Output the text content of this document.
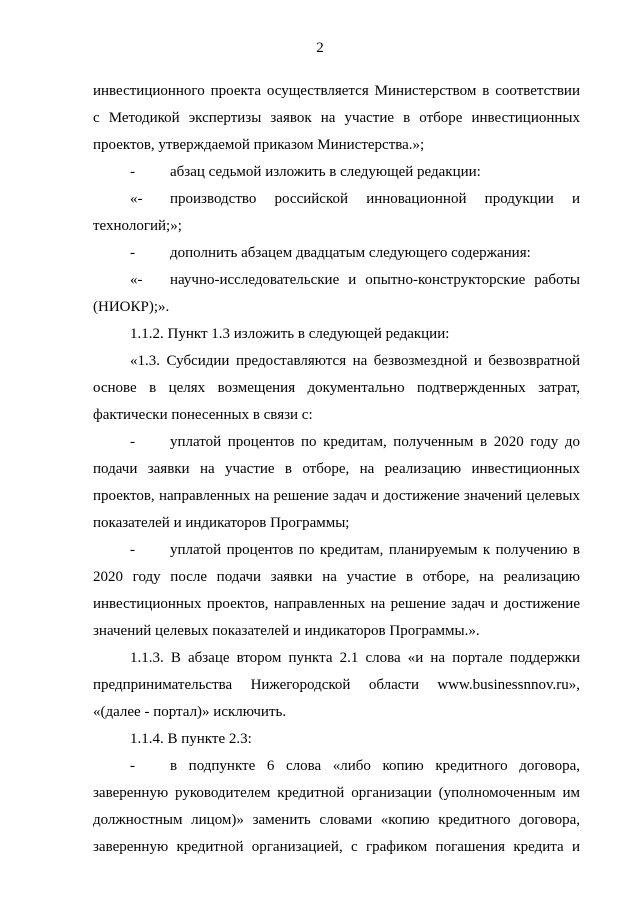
2
инвестиционного проекта осуществляется Министерством в соответствии
с Методикой экспертизы заявок на участие в отборе инвестиционных
проектов, утверждаемой приказом Министерства.»;
- абзац седьмой изложить в следующей редакции:
«- производство российской инновационной продукции и
технологий;»;
- дополнить абзацем двадцатым следующего содержания:
«- научно-исследовательские и опытно-конструкторские работы
(НИОКР);».
1.1.2. Пункт 1.3 изложить в следующей редакции:
«1.3. Субсидии предоставляются на безвозмездной и безвозвратной
основе в целях возмещения документально подтвержденных затрат,
фактически понесенных в связи с:
- уплатой процентов по кредитам, полученным в 2020 году до
подачи заявки на участие в отборе, на реализацию инвестиционных
проектов, направленных на решение задач и достижение значений целевых
показателей и индикаторов Программы;
- уплатой процентов по кредитам, планируемым к получению в
2020 году после подачи заявки на участие в отборе, на реализацию
инвестиционных проектов, направленных на решение задач и достижение
значений целевых показателей и индикаторов Программы.».
1.1.3. В абзаце втором пункта 2.1 слова «и на портале поддержки
предпринимательства Нижегородской области www.businessnnov.ru»,
«(далее - портал)» исключить.
1.1.4. В пункте 2.3:
- в подпункте 6 слова «либо копию кредитного договора,
заверенную руководителем кредитной организации (уполномоченным им
должностным лицом)» заменить словами «копию кредитного договора,
заверенную кредитной организацией, с графиком погашения кредита и
